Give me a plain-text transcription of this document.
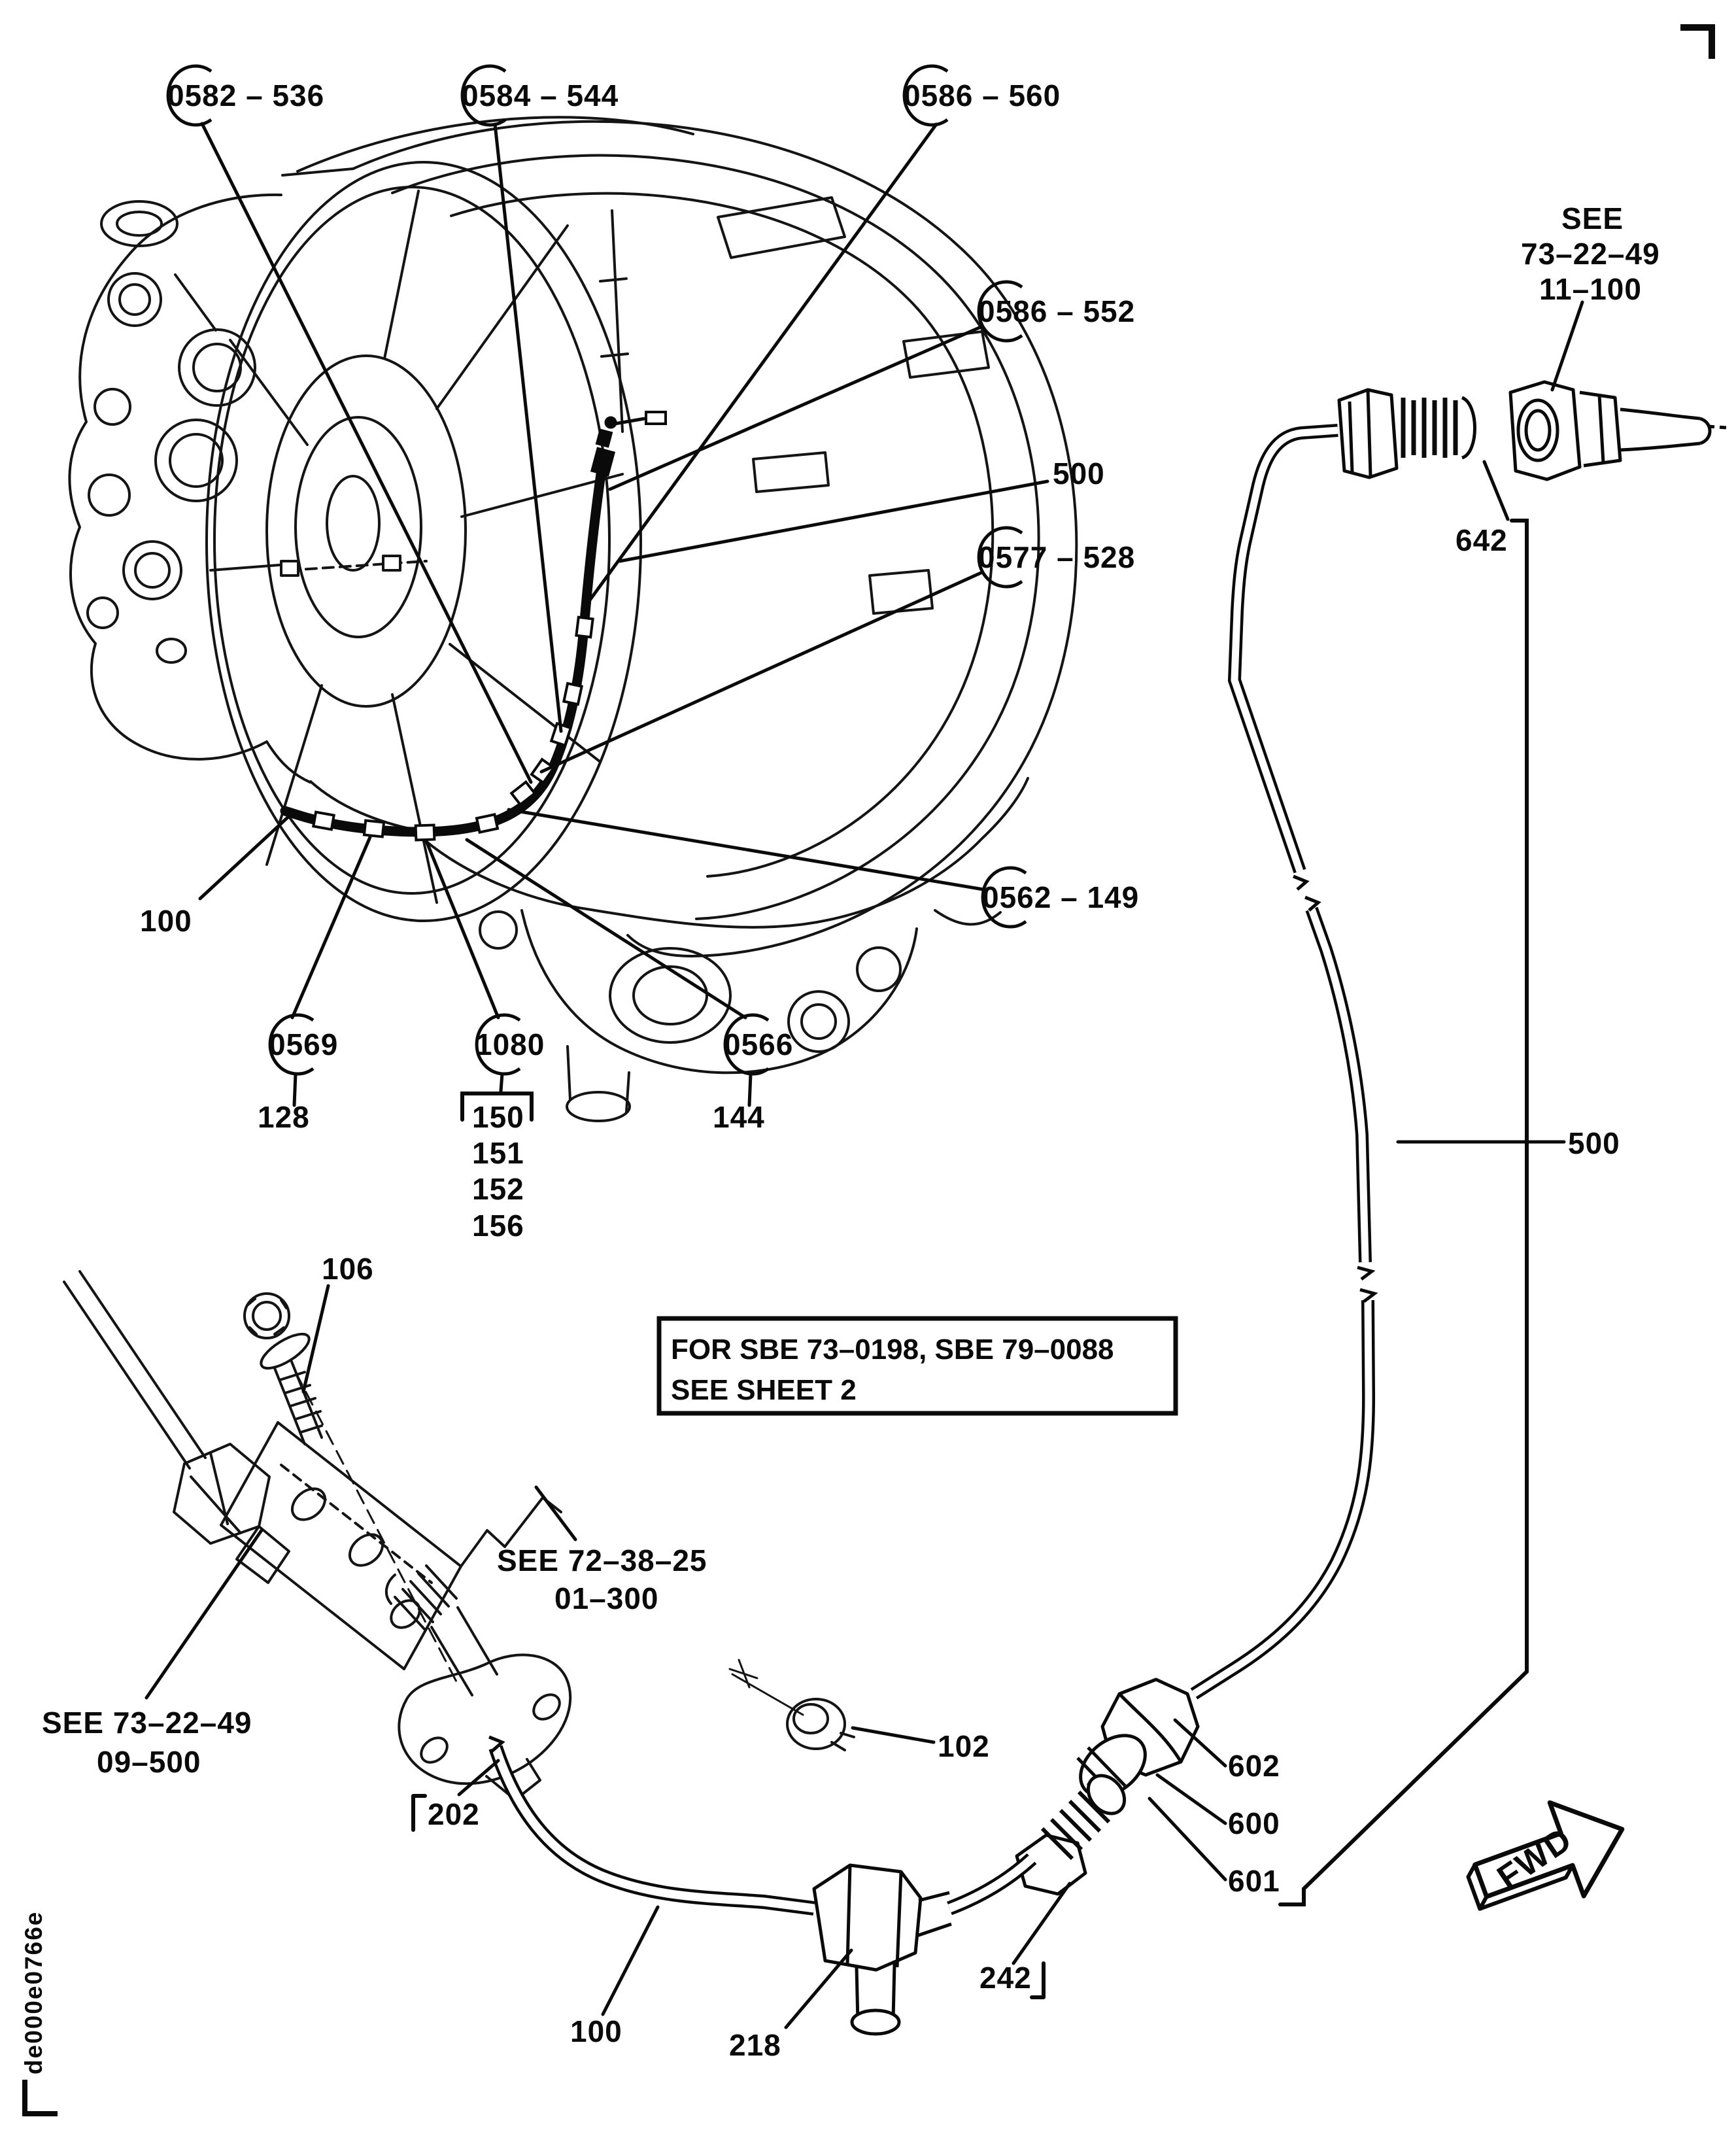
FWD
FOR SBE 73–0198, SBE 79–0088
SEE SHEET 2
0582 – 536	0584 – 544	0586 – 560
0586 – 552
500
0577 – 528
0562 – 149
100
0569
128
1080
150
151
152
156
0566
144
106
202
102
100	218
242
602
600
601
642
500
SEE
73–22–49
11–100
SEE 72–38–25
01–300
SEE 73–22–49
09–500
de000e0766e
